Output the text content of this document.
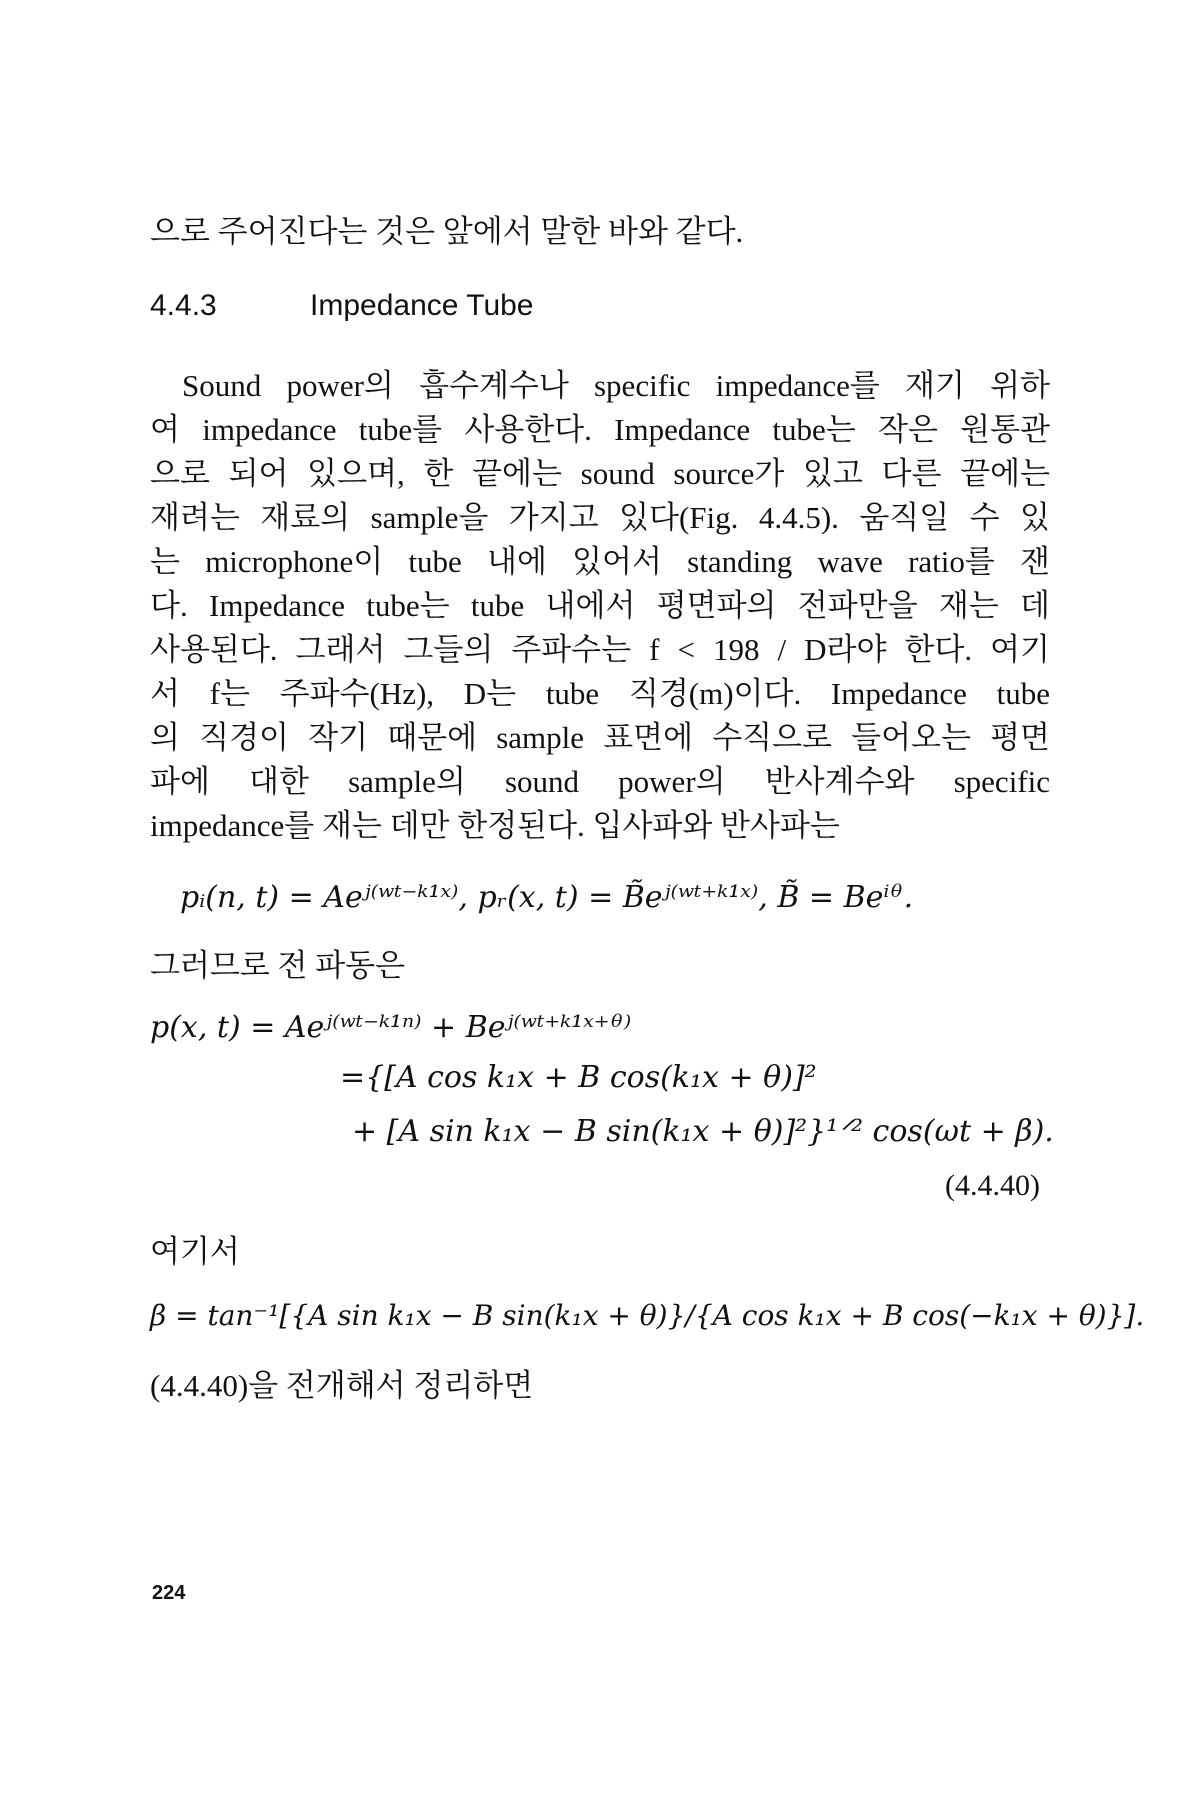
으로 주어진다는 것은 앞에서 말한 바와 같다.
4.4.3	Impedance Tube
Sound power의 흡수계수나 specific impedance를 재기 위하
여 impedance tube를 사용한다. Impedance tube는 작은 원통관
으로 되어 있으며, 한 끝에는 sound source가 있고 다른 끝에는
재려는 재료의 sample을 가지고 있다(Fig. 4.4.5). 움직일 수 있
는 microphone이 tube 내에 있어서 standing wave ratio를 잰
다. Impedance tube는 tube 내에서 평면파의 전파만을 재는 데
사용된다. 그래서 그들의 주파수는 f < 198 / D라야 한다. 여기
서 f는 주파수(Hz), D는 tube 직경(m)이다. Impedance tube
의 직경이 작기 때문에 sample 표면에 수직으로 들어오는 평면
파에 대한 sample의 sound power의 반사계수와 specific
impedance를 재는 데만 한정된다. 입사파와 반사파는
pᵢ(n, t) = Aeʲ⁽ʷᵗ⁻ᵏ¹ˣ⁾, pᵣ(x, t) = B̃eʲ⁽ʷᵗ⁺ᵏ¹ˣ⁾, B̃ = Beⁱᶿ.
그러므로 전 파동은
p(x, t) = Aeʲ⁽ʷᵗ⁻ᵏ¹ⁿ⁾ + Beʲ⁽ʷᵗ⁺ᵏ¹ˣ⁺ᶿ⁾
={[A cos k₁x + B cos(k₁x + θ)]²
+ [A sin k₁x − B sin(k₁x + θ)]²}¹ᐟ² cos(ωt + β).
(4.4.40)
여기서
β = tan⁻¹[{A sin k₁x − B sin(k₁x + θ)}/{A cos k₁x + B cos(−k₁x + θ)}].
(4.4.40)을 전개해서 정리하면
224
